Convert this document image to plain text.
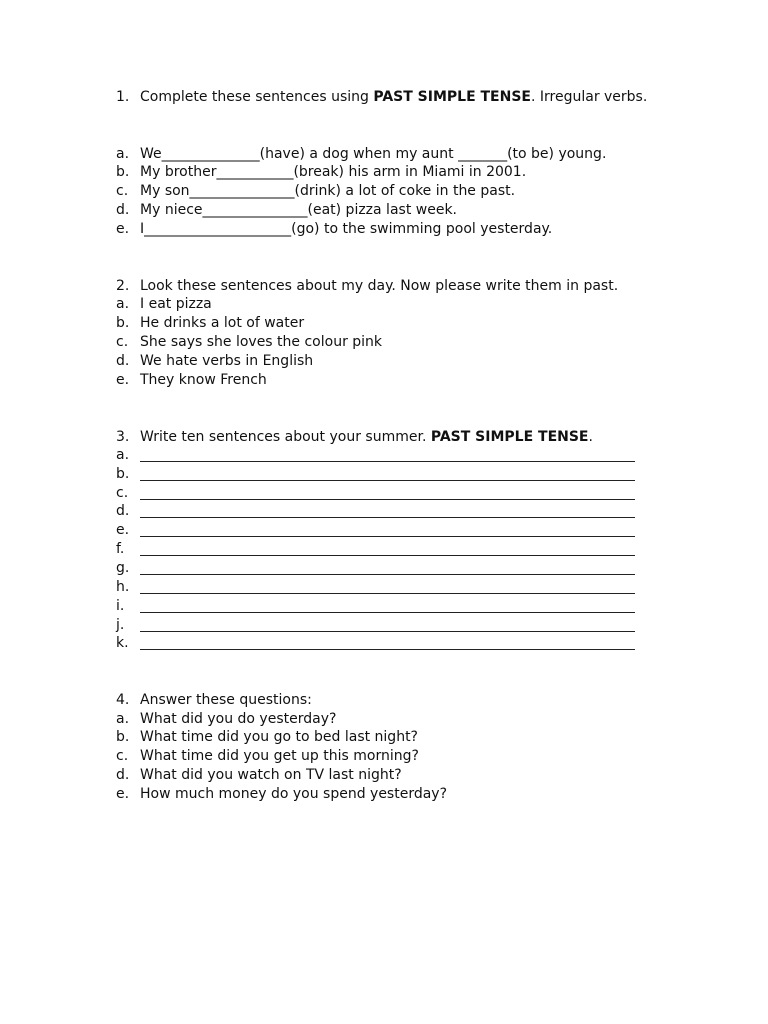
1. Complete these sentences using PAST SIMPLE TENSE. Irregular verbs.
a. We______________(have) a dog when my aunt _______(to be) young.
b. My brother___________(break) his arm in Miami in 2001.
c. My son_______________(drink) a lot of coke in the past.
d. My niece_______________(eat) pizza last week.
e. I_____________________(go) to the swimming pool yesterday.
2. Look these sentences about my day. Now please write them in past.
a. I eat pizza
b. He drinks a lot of water
c. She says she loves the colour pink
d. We hate verbs in English
e. They know French
3. Write ten sentences about your summer. PAST SIMPLE TENSE.
a.
b.
c.
d.
e.
f.
g.
h.
i.
j.
k.
4. Answer these questions:
a. What did you do yesterday?
b. What time did you go to bed last night?
c. What time did you get up this morning?
d. What did you watch on TV last night?
e. How much money do you spend yesterday?
